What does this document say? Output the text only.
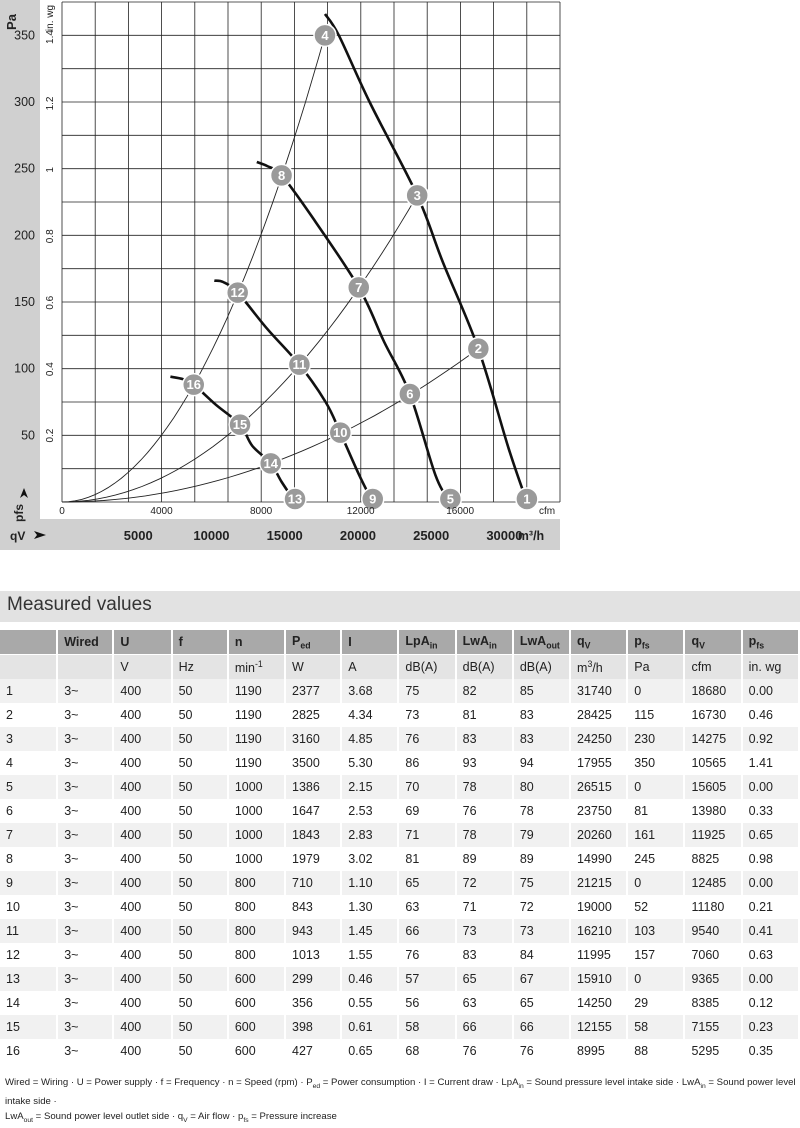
1
2
3
4
5
6
7
8
9
10
11
12
13
14
15
16
Pa	in. wg
50
100
150
200
250
300
350
0.2
0.4
0.6
0.8
1
1.2
1.4
0	4000	8000	12000	16000	cfm
5000	10000	15000	20000	25000	30000
m³/h
pfs
qV
Measured values
	Wired	U	f	n	$P_{ed}$	I	LpA$_{in}$	LwA$_{in}$	LwA$_{out}$	$q_V$	$p_{fs}$	$q_V$	$p_{fs}$
		V	Hz	$\min^{-1}$	W	A	dB(A)	dB(A)	dB(A)	$m^3/h$	Pa	cfm	in. wg
1	3~	400	50	1190	2377	3.68	75	82	85	31740	0	18680	0.00
2	3~	400	50	1190	2825	4.34	73	81	83	28425	115	16730	0.46
3	3~	400	50	1190	3160	4.85	76	83	83	24250	230	14275	0.92
4	3~	400	50	1190	3500	5.30	86	93	94	17955	350	10565	1.41
5	3~	400	50	1000	1386	2.15	70	78	80	26515	0	15605	0.00
6	3~	400	50	1000	1647	2.53	69	76	78	23750	81	13980	0.33
7	3~	400	50	1000	1843	2.83	71	78	79	20260	161	11925	0.65
8	3~	400	50	1000	1979	3.02	81	89	89	14990	245	8825	0.98
9	3~	400	50	800	710	1.10	65	72	75	21215	0	12485	0.00
10	3~	400	50	800	843	1.30	63	71	72	19000	52	11180	0.21
11	3~	400	50	800	943	1.45	66	73	73	16210	103	9540	0.41
12	3~	400	50	800	1013	1.55	76	83	84	11995	157	7060	0.63
13	3~	400	50	600	299	0.46	57	65	67	15910	0	9365	0.00
14	3~	400	50	600	356	0.55	56	63	65	14250	29	8385	0.12
15	3~	400	50	600	398	0.61	58	66	66	12155	58	7155	0.23
16	3~	400	50	600	427	0.65	68	76	76	8995	88	5295	0.35
Wired = Wiring · U = Power supply · f = Frequency · n = Speed $(rpm) \cdot P_{ed}$ = Power consumption · I = Current draw · LpA$_{in}$ = Sound pressure level intake side · LwA$_{in}$ = Sound power level intake side ·
LwA$_{out}$ = Sound power level outlet side · $q_V$ = Air flow · $p_{fs}$ = Pressure increase
